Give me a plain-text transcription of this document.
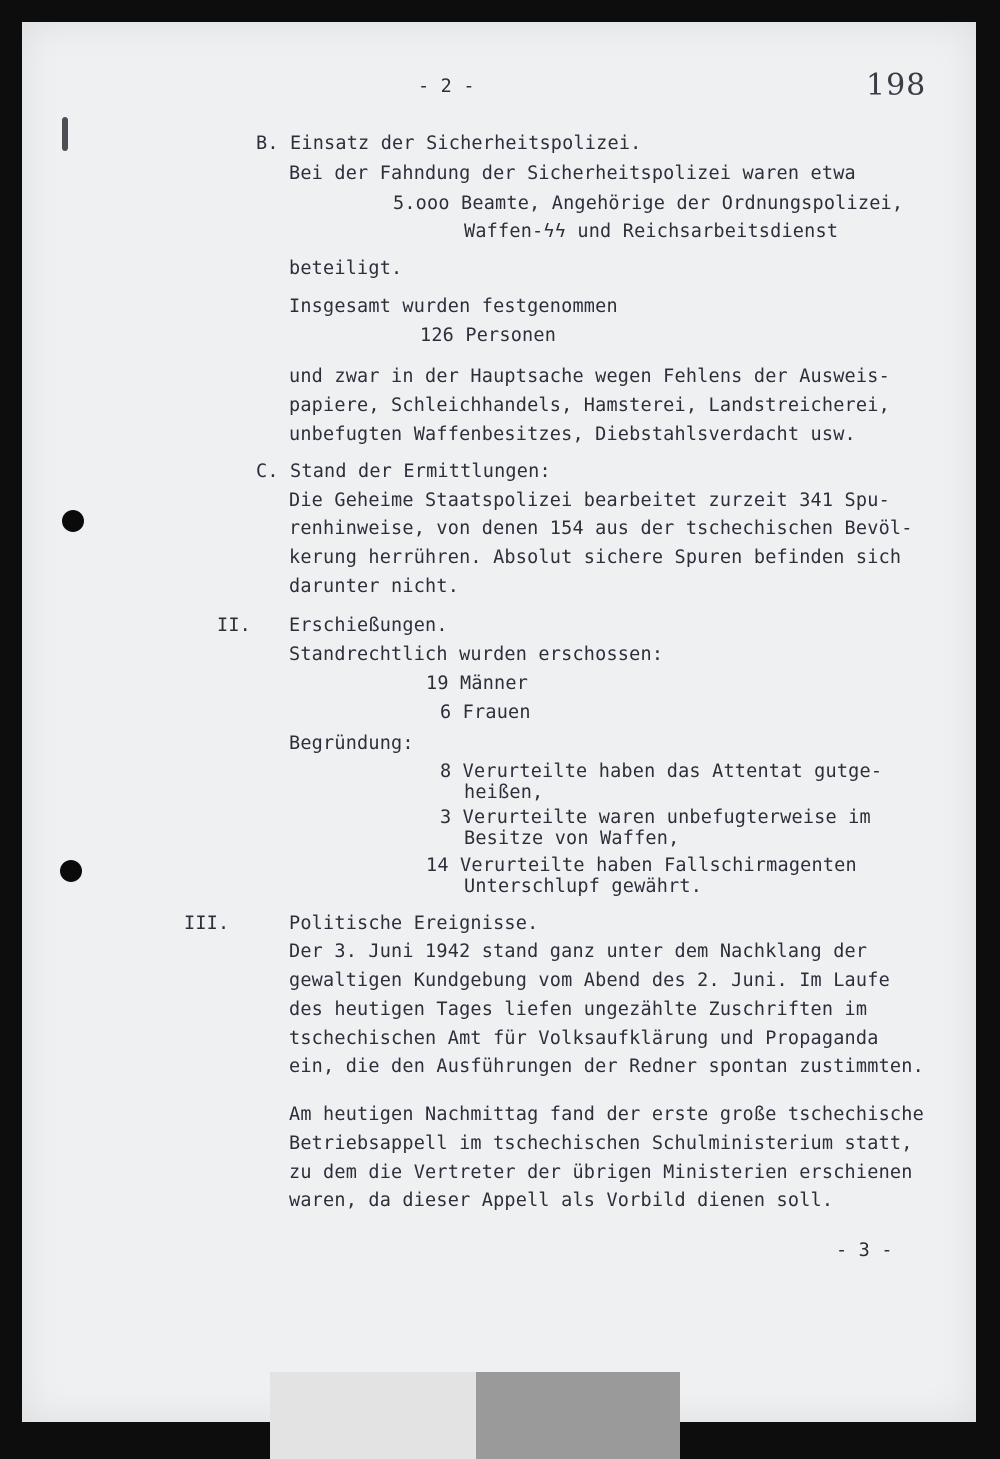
- 2 -	198
B. Einsatz der Sicherheitspolizei.
Bei der Fahndung der Sicherheitspolizei waren etwa
5.ooo Beamte, Angehörige der Ordnungspolizei,
Waffen-ϟϟ und Reichsarbeitsdienst
beteiligt.
Insgesamt wurden festgenommen
126 Personen
und zwar in der Hauptsache wegen Fehlens der Ausweis-
papiere, Schleichhandels, Hamsterei, Landstreicherei,
unbefugten Waffenbesitzes, Diebstahlsverdacht usw.
C. Stand der Ermittlungen:
Die Geheime Staatspolizei bearbeitet zurzeit 341 Spu-
renhinweise, von denen 154 aus der tschechischen Bevöl-
kerung herrühren. Absolut sichere Spuren befinden sich
darunter nicht.
II. Erschießungen.
Standrechtlich wurden erschossen:
19 Männer
6 Frauen
Begründung:
8 Verurteilte haben das Attentat gutge-
heißen,
3 Verurteilte waren unbefugterweise im
Besitze von Waffen,
14 Verurteilte haben Fallschirmagenten
Unterschlupf gewährt.
III.	Politische Ereignisse.
Der 3. Juni 1942 stand ganz unter dem Nachklang der
gewaltigen Kundgebung vom Abend des 2. Juni. Im Laufe
des heutigen Tages liefen ungezählte Zuschriften im
tschechischen Amt für Volksaufklärung und Propaganda
ein, die den Ausführungen der Redner spontan zustimmten.
Am heutigen Nachmittag fand der erste große tschechische
Betriebsappell im tschechischen Schulministerium statt,
zu dem die Vertreter der übrigen Ministerien erschienen
waren, da dieser Appell als Vorbild dienen soll.
- 3 -
